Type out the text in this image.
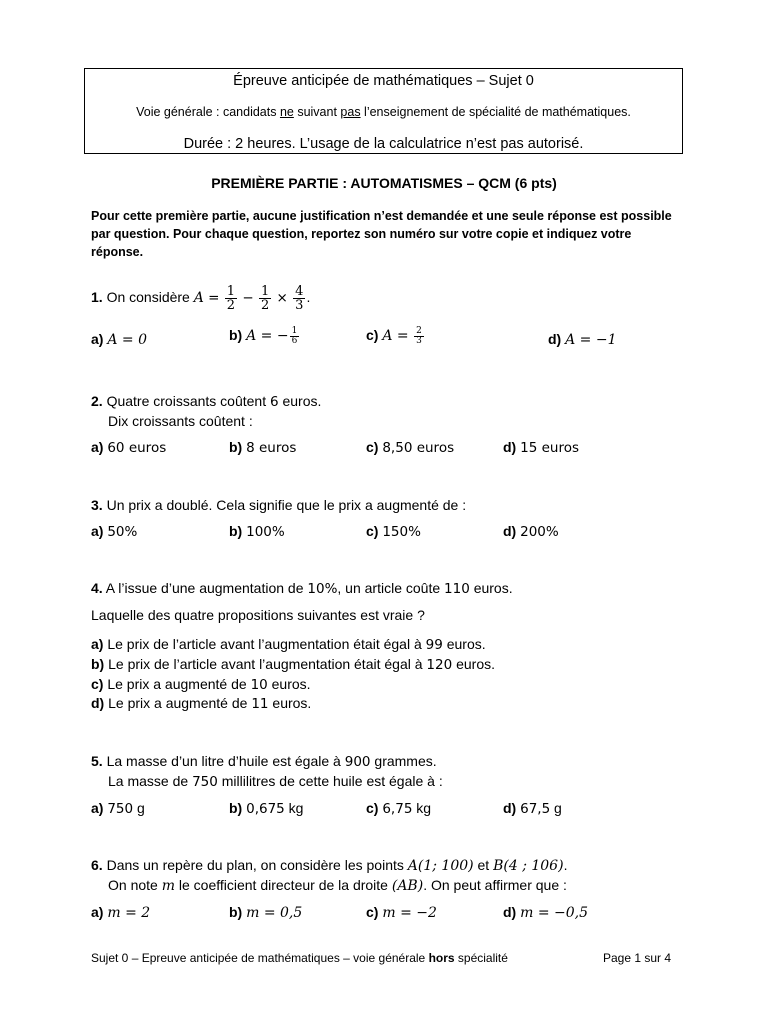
Épreuve anticipée de mathématiques – Sujet 0
Voie générale : candidats ne suivant pas l’enseignement de spécialité de mathématiques.
Durée : 2 heures. L’usage de la calculatrice n’est pas autorisé.
PREMIÈRE PARTIE : AUTOMATISMES – QCM (6 pts)
Pour cette première partie, aucune justification n’est demandée et une seule réponse est possible par question. Pour chaque question, reportez son numéro sur votre copie et indiquez votre réponse.
1. On considère $A = \frac{1}{2} - \frac{1}{2} \times \frac{4}{3}$ .
a) A = 0	b) A = − $\frac{1}{6}$	c) $A = \frac{2}{3}$	d) A = −1
2. Quatre croissants coûtent 6 euros.
Dix croissants coûtent :
a) 60 euros	b) 8 euros	c) 8,50 euros	d) 15 euros
3. Un prix a doublé. Cela signifie que le prix a augmenté de :
a) 50%	b) 100%	c) 150%	d) 200%
4. A l’issue d’une augmentation de 10%, un article coûte 110 euros.
Laquelle des quatre propositions suivantes est vraie ?
a) Le prix de l’article avant l’augmentation était égal à 99 euros.
b) Le prix de l’article avant l’augmentation était égal à 120 euros.
c) Le prix a augmenté de 10 euros.
d) Le prix a augmenté de 11 euros.
5. La masse d’un litre d’huile est égale à 900 grammes.
La masse de 750 millilitres de cette huile est égale à :
a) 750 g	b) 0,675 kg	c) 6,75 kg	d) 67,5 g
6. Dans un repère du plan, on considère les points A(1; 100) et B(4 ; 106).
On note m le coefficient directeur de la droite (AB). On peut affirmer que :
a) m = 2	b) m = 0,5	c) m = −2	d) m = −0,5
Sujet 0 – Epreuve anticipée de mathématiques – voie générale hors spécialité	Page 1 sur 4
